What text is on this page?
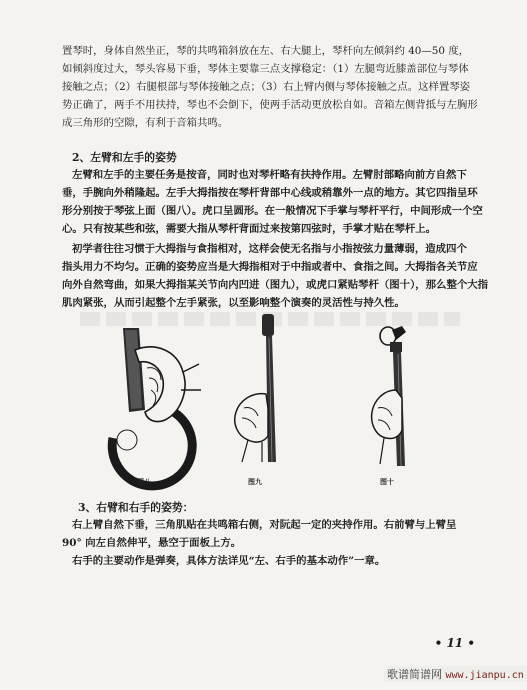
置琴时，身体自然坐正，琴的共鸣箱斜放在左、右大腿上，琴杆向左倾斜约 40—50 度，
如倾斜度过大，琴头容易下垂，琴体主要靠三点支撑稳定：（1）左腿弯近膝盖部位与琴体
接触之点；（2）右腿根部与琴体接触之点；（3）右上臂内侧与琴体接触之点。这样置琴姿
势正确了，两手不用扶持，琴也不会倒下，使两手活动更放松自如。音箱左侧背抵与左胸形
成三角形的空隙，有利于音箱共鸣。
2、左臂和左手的姿势
左臂和左手的主要任务是按音，同时也对琴杆略有扶持作用。左臂肘部略向前方自然下
垂，手腕向外稍隆起。左手大拇指按在琴杆背部中心线或稍靠外一点的地方。其它四指呈环
形分别按于琴弦上面（图八）。虎口呈圆形。在一般情况下手掌与琴杆平行，中间形成一个空
心。只有按某些和弦，需要大指从琴杆背面过来按第四弦时，手掌才贴在琴杆上。
初学者往往习惯于大拇指与食指相对，这样会使无名指与小指按弦力量薄弱，造成四个
指头用力不均匀。正确的姿势应当是大拇指相对于中指或者中、食指之间。大拇指各关节应
向外自然弯曲，如果大拇指某关节向内凹进（图九），或虎口紧贴琴杆（图十），那么整个大指
肌肉紧张，从而引起整个左手紧张，以至影响整个演奏的灵活性与持久性。
图八	图九	图十
3、右臂和右手的姿势：
右上臂自然下垂，三角肌贴在共鸣箱右侧，对阮起一定的夹持作用。右前臂与上臂呈
90° 向左自然伸平，悬空于面板上方。
右手的主要动作是弹奏，具体方法详见“左、右手的基本动作”一章。
• 11 •
歌谱简谱网 www.jianpu.cn
